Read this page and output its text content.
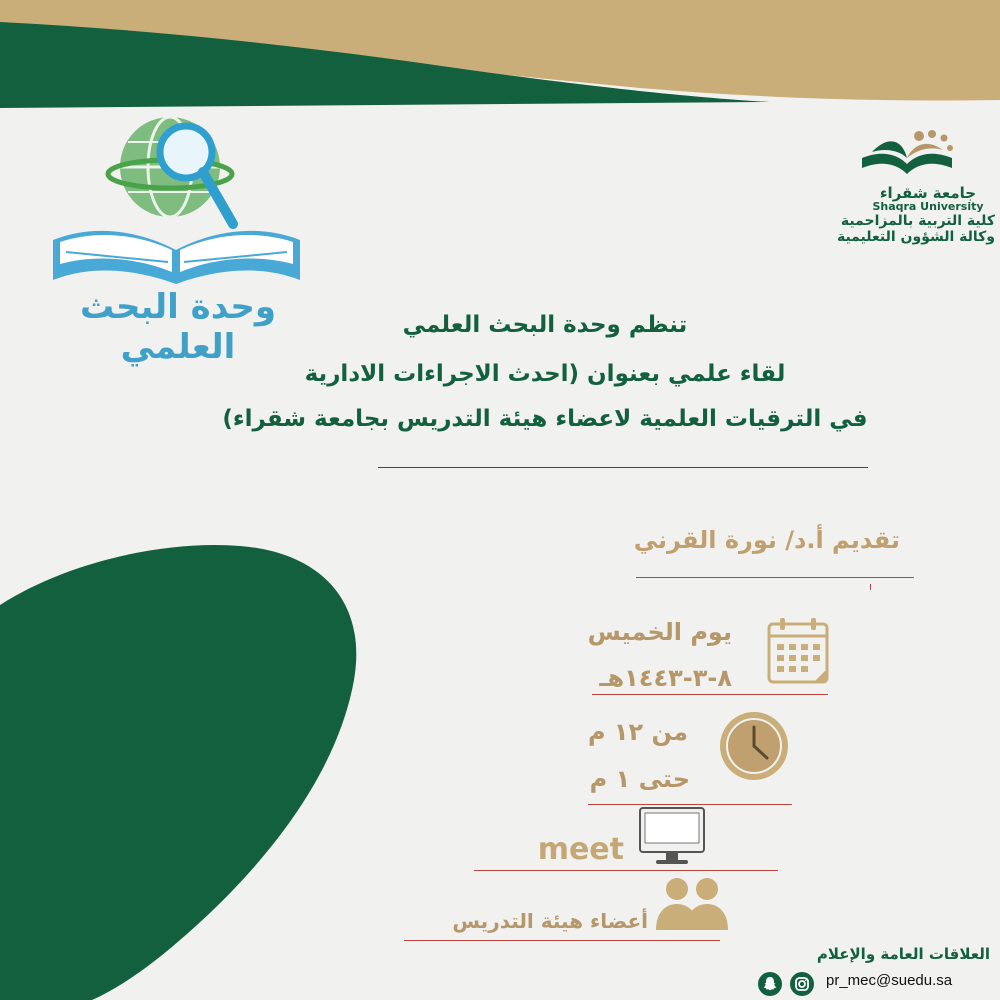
جامعة شقراء
Shaqra University
كلية التربية بالمزاحمية
وكالة الشؤون التعليمية
وحدة البحث العلمي
تنظم وحدة البحث العلمي
لقاء علمي بعنوان (احدث الاجراءات الادارية
في الترقيات العلمية لاعضاء هيئة التدريس بجامعة شقراء)
تقديم أ.د/ نورة القرني
يوم الخميس
٨-٣-١٤٤٣هـ
من ١٢ م
حتى ١ م
meet
أعضاء هيئة التدريس
العلاقات العامة والإعلام
pr_mec@suedu.sa
